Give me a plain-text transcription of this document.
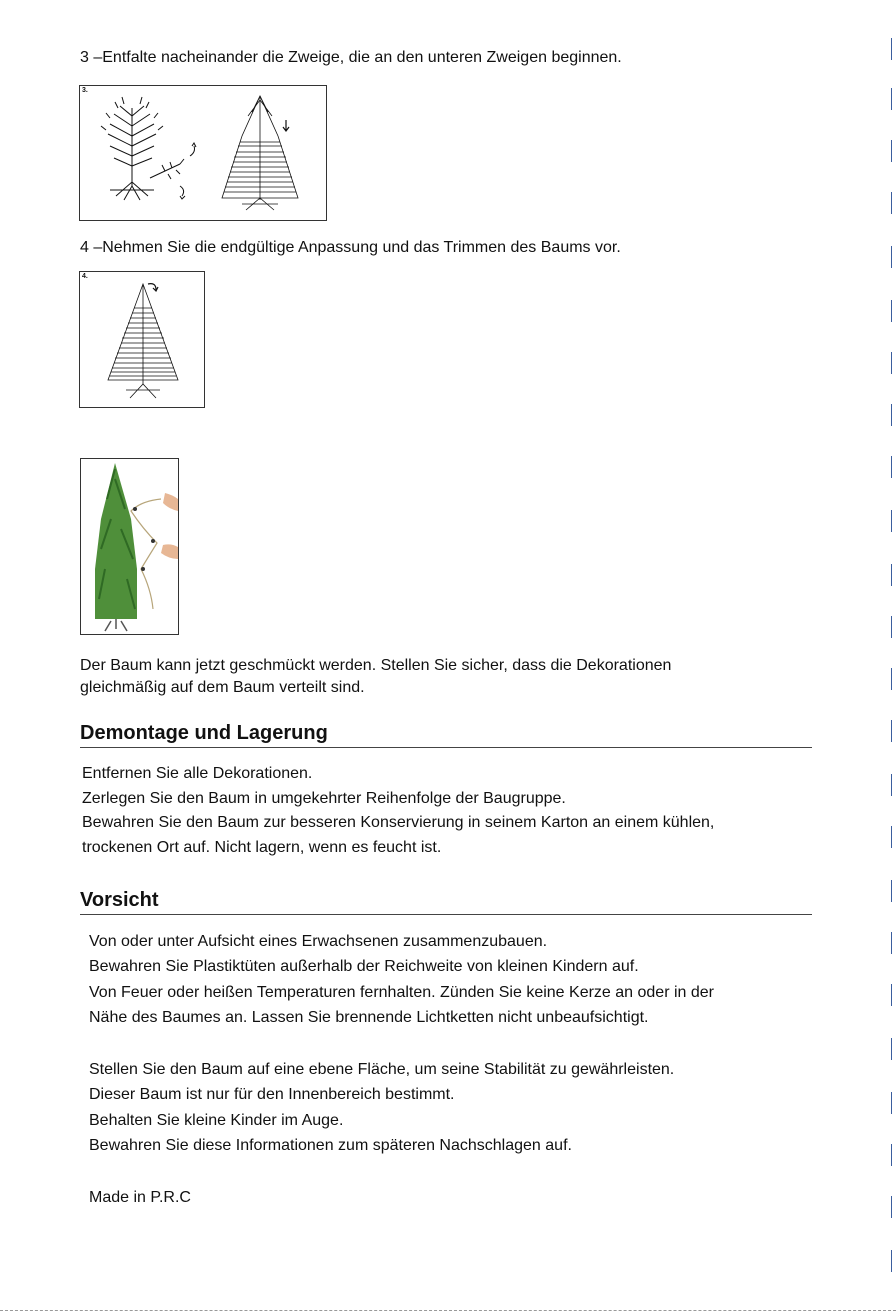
3 –Entfalte nacheinander die Zweige, die an den unteren Zweigen beginnen.
3.
4 –Nehmen Sie die endgültige Anpassung und das Trimmen des Baums vor.
4.
Der Baum kann jetzt geschmückt werden. Stellen Sie sicher, dass die Dekorationen
gleichmäßig auf dem Baum verteilt sind.
Demontage und Lagerung
Entfernen Sie alle Dekorationen.
Zerlegen Sie den Baum in umgekehrter Reihenfolge der Baugruppe.
Bewahren Sie den Baum zur besseren Konservierung in seinem Karton an einem kühlen,
trockenen Ort auf. Nicht lagern, wenn es feucht ist.
Vorsicht
Von oder unter Aufsicht eines Erwachsenen zusammenzubauen.
Bewahren Sie Plastiktüten außerhalb der Reichweite von kleinen Kindern auf.
Von Feuer oder heißen Temperaturen fernhalten. Zünden Sie keine Kerze an oder in der
Nähe des Baumes an. Lassen Sie brennende Lichtketten nicht unbeaufsichtigt.
Stellen Sie den Baum auf eine ebene Fläche, um seine Stabilität zu gewährleisten.
Dieser Baum ist nur für den Innenbereich bestimmt.
Behalten Sie kleine Kinder im Auge.
Bewahren Sie diese Informationen zum späteren Nachschlagen auf.
Made in P.R.C
